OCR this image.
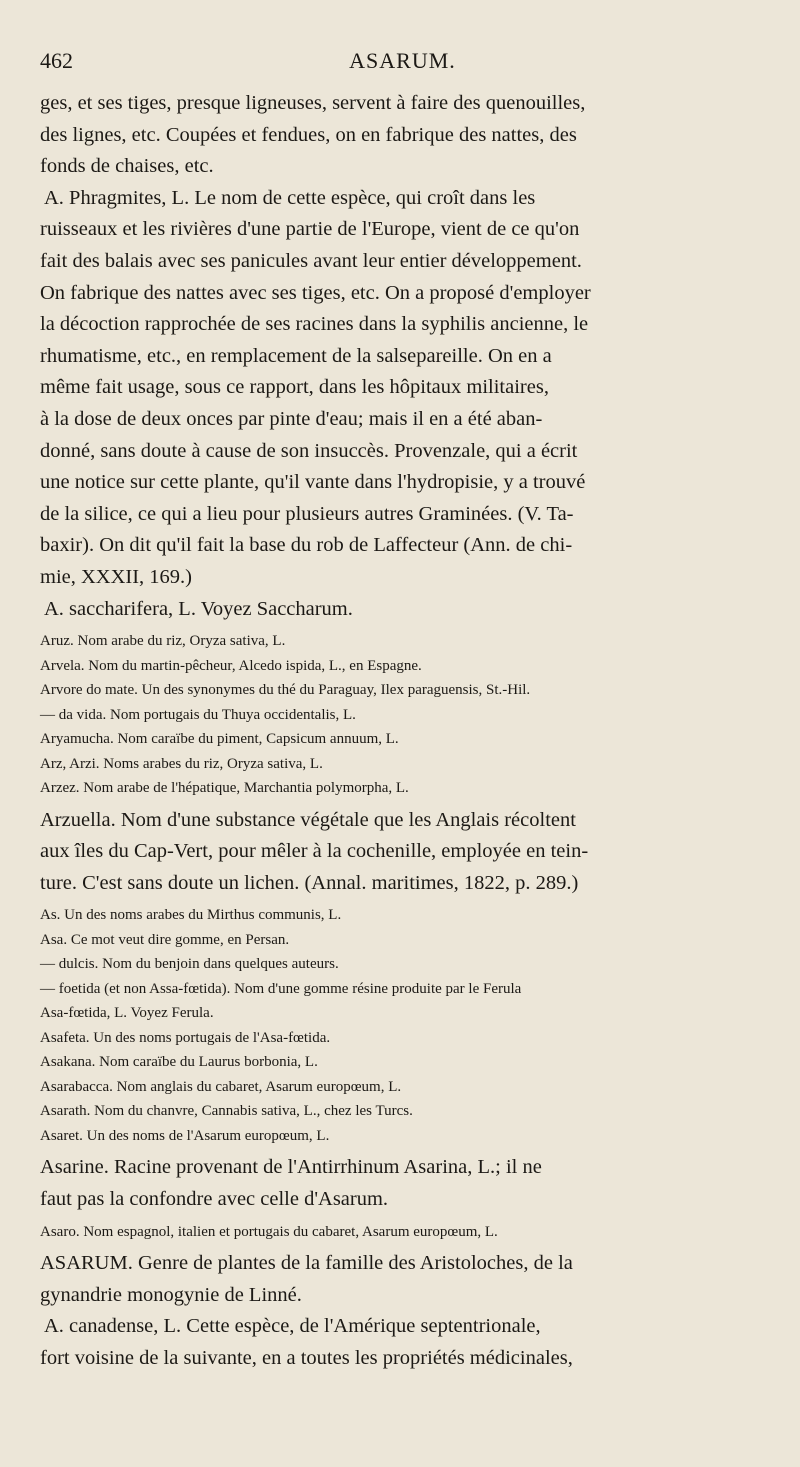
462	ASARUM.

ges, et ses tiges, presque ligneuses, servent à faire des quenouilles,

des lignes, etc. Coupées et fendues, on en fabrique des nattes, des

fonds de chaises, etc.

A. Phragmites, L. Le nom de cette espèce, qui croît dans les

ruisseaux et les rivières d'une partie de l'Europe, vient de ce qu'on

fait des balais avec ses panicules avant leur entier développement.

On fabrique des nattes avec ses tiges, etc. On a proposé d'employer

la décoction rapprochée de ses racines dans la syphilis ancienne, le

rhumatisme, etc., en remplacement de la salsepareille. On en a

même fait usage, sous ce rapport, dans les hôpitaux militaires,

à la dose de deux onces par pinte d'eau; mais il en a été aban-

donné, sans doute à cause de son insuccès. Provenzale, qui a écrit

une notice sur cette plante, qu'il vante dans l'hydropisie, y a trouvé

de la silice, ce qui a lieu pour plusieurs autres Graminées. (V. Ta-

baxir). On dit qu'il fait la base du rob de Laffecteur (Ann. de chi-

mie, XXXII, 169.)

A. saccharifera, L. Voyez Saccharum.

Aruz. Nom arabe du riz, Oryza sativa, L.

Arvela. Nom du martin-pêcheur, Alcedo ispida, L., en Espagne.

Arvore do mate. Un des synonymes du thé du Paraguay, Ilex paraguensis, St.-Hil.

— da vida. Nom portugais du Thuya occidentalis, L.

Aryamucha. Nom caraïbe du piment, Capsicum annuum, L.

Arz, Arzi. Noms arabes du riz, Oryza sativa, L.

Arzez. Nom arabe de l'hépatique, Marchantia polymorpha, L.

Arzuella. Nom d'une substance végétale que les Anglais récoltent

aux îles du Cap-Vert, pour mêler à la cochenille, employée en tein-

ture. C'est sans doute un lichen. (Annal. maritimes, 1822, p. 289.)

As. Un des noms arabes du Mirthus communis, L.

Asa. Ce mot veut dire gomme, en Persan.

— dulcis. Nom du benjoin dans quelques auteurs.

— foetida (et non Assa-fœtida). Nom d'une gomme résine produite par le Ferula

Asa-fœtida, L. Voyez Ferula.

Asafeta. Un des noms portugais de l'Asa-fœtida.

Asakana. Nom caraïbe du Laurus borbonia, L.

Asarabacca. Nom anglais du cabaret, Asarum europœum, L.

Asarath. Nom du chanvre, Cannabis sativa, L., chez les Turcs.

Asaret. Un des noms de l'Asarum europœum, L.

Asarine. Racine provenant de l'Antirrhinum Asarina, L.; il ne

faut pas la confondre avec celle d'Asarum.

Asaro. Nom espagnol, italien et portugais du cabaret, Asarum europœum, L.

ASARUM. Genre de plantes de la famille des Aristoloches, de la

gynandrie monogynie de Linné.

A. canadense, L. Cette espèce, de l'Amérique septentrionale,

fort voisine de la suivante, en a toutes les propriétés médicinales,
